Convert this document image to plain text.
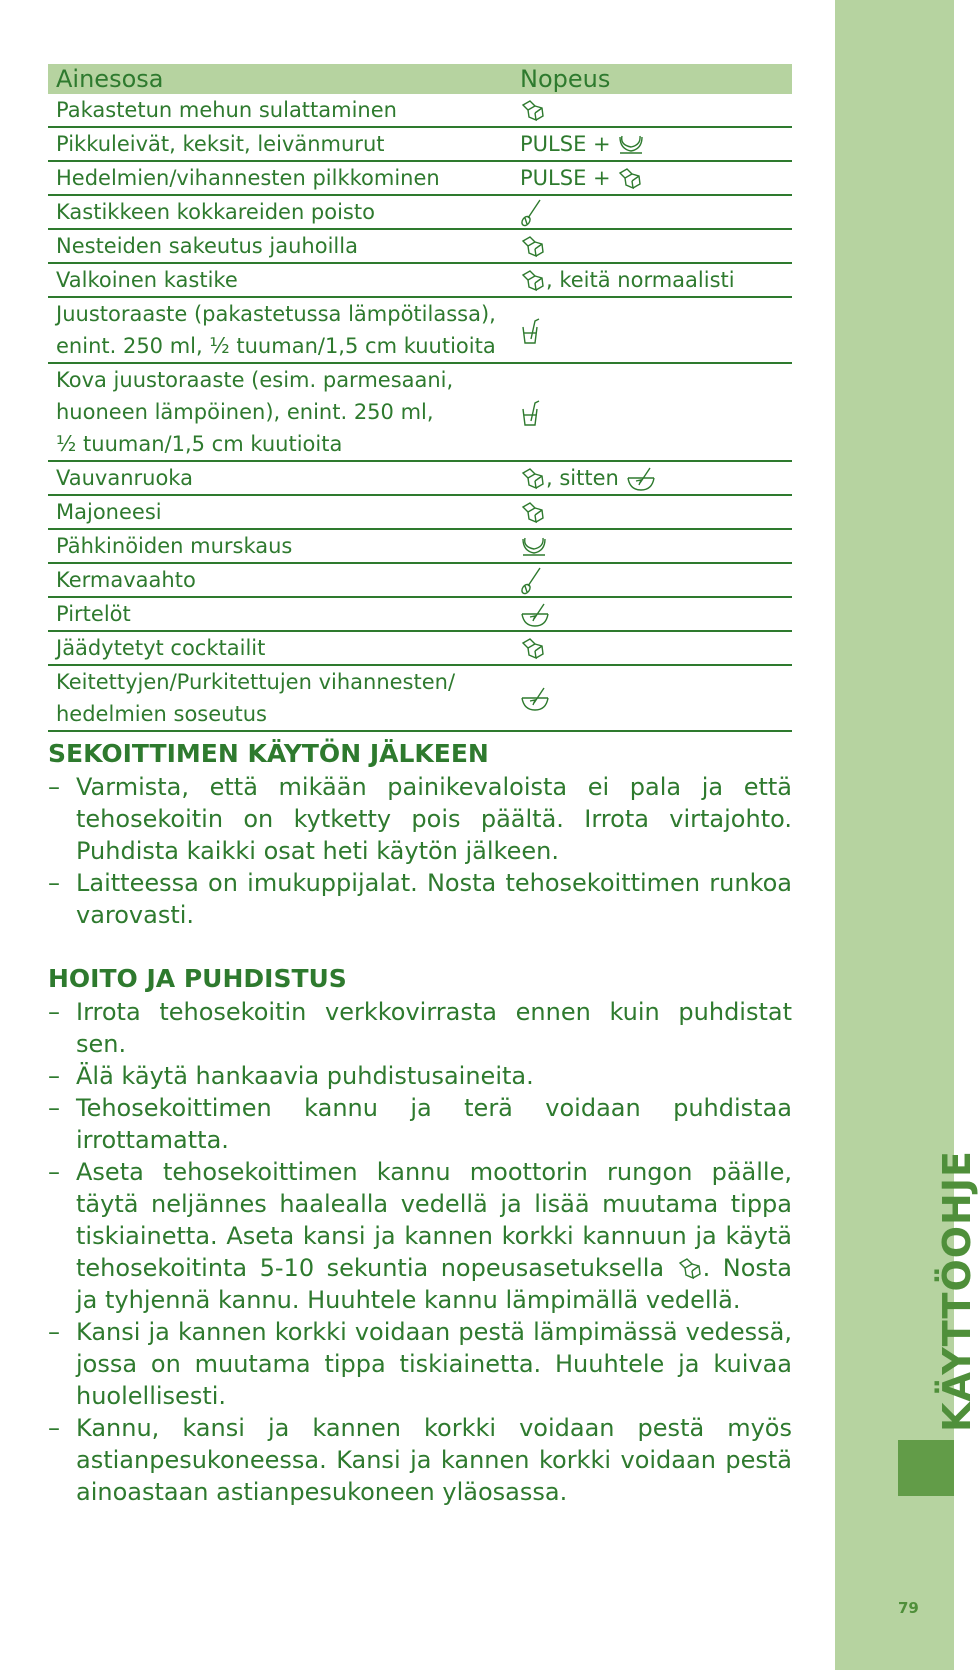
KÄYTTÖOHJE
79
Ainesosa	Nopeus
Pakastetun mehun sulattaminen	

Pikkuleivät, keksit, leivänmurut	PULSE +

Hedelmien/vihannesten pilkkominen	PULSE +

Kastikkeen kokkareiden poisto	

Nesteiden sakeutus jauhoilla	

Valkoinen kastike	, keitä normaalisti
Juustoraaste (pakastetussa lämpötilassa),
enint. 250 ml, ½ tuuman/1,5 cm kuutioita	

Kova juustoraaste (esim. parmesaani,
huoneen lämpöinen), enint. 250 ml,
½ tuuman/1,5 cm kuutioita	

Vauvanruoka	, sitten

Majoneesi	

Pähkinöiden murskaus	

Kermavaahto	

Pirtelöt	

Jäädytetyt cocktailit	

Keitettyjen/Purkitettujen vihannesten/
hedelmien soseutus	
SEKOITTIMEN KÄYTÖN JÄLKEEN
– Varmista, että mikään painikevaloista ei pala ja että tehosekoitin on kytketty pois päältä. Irrota virtajohto. Puhdista kaikki osat heti käytön jälkeen.
– Laitteessa on imukuppijalat. Nosta tehosekoittimen runkoa varovasti.
HOITO JA PUHDISTUS
– Irrota tehosekoitin verkkovirrasta ennen kuin puhdistat sen.
– Älä käytä hankaavia puhdistusaineita.
– Tehosekoittimen kannu ja terä voidaan puhdistaa irrottamatta.
– Aseta tehosekoittimen kannu moottorin rungon päälle, täytä neljännes haalealla vedellä ja lisää muutama tippa tiskiainetta. Aseta kansi ja kannen korkki kannuun ja käytä tehosekoitinta 5-10 sekuntia nopeusasetuksella . Nosta ja tyhjennä kannu. Huuhtele kannu lämpimällä vedellä.
– Kansi ja kannen korkki voidaan pestä lämpimässä vedessä, jossa on muutama tippa tiskiainetta. Huuhtele ja kuivaa huolellisesti.
– Kannu, kansi ja kannen korkki voidaan pestä myös astianpesukoneessa. Kansi ja kannen korkki voidaan pestä ainoastaan astianpesukoneen yläosassa.
